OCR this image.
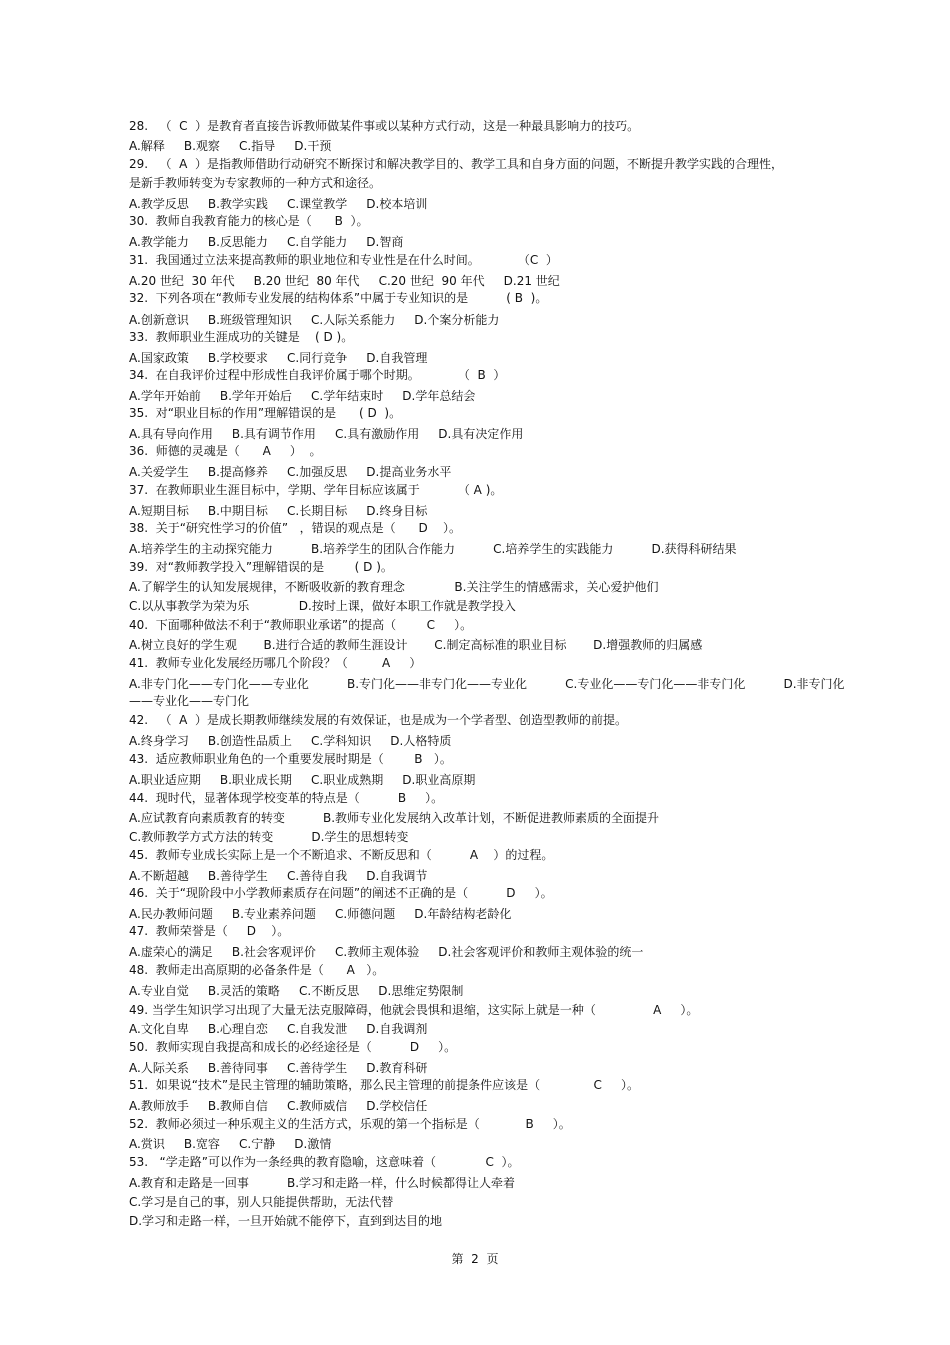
28.   （  C  ）是教育者直接告诉教师做某件事或以某种方式行动，这是一种最具影响力的技巧。
A.解释     B.观察     C.指导     D.干预
29.   （  A  ）是指教师借助行动研究不断探讨和解决教学目的、教学工具和自身方面的问题，不断提升教学实践的合理性，
是新手教师转变为专家教师的一种方式和途径。
A.教学反思     B.教学实践     C.课堂教学     D.校本培训
30.  教师自我教育能力的核心是（      B  ）。
A.教学能力     B.反思能力     C.自学能力     D.智商
31.  我国通过立法来提高教师的职业地位和专业性是在什么时间。          （C  ）
A.20 世纪  30 年代     B.20 世纪  80 年代     C.20 世纪  90 年代     D.21 世纪
32.  下列各项在“教师专业发展的结构体系”中属于专业知识的是          ( B  )。
A.创新意识     B.班级管理知识     C.人际关系能力     D.个案分析能力
33.  教师职业生涯成功的关键是    ( D )。
A.国家政策     B.学校要求     C.同行竞争     D.自我管理
34.  在自我评价过程中形成性自我评价属于哪个时期。          （  B  ）
A.学年开始前     B.学年开始后     C.学年结束时     D.学年总结会
35.  对“职业目标的作用”理解错误的是      ( D  )。
A.具有导向作用     B.具有调节作用     C.具有激励作用     D.具有决定作用
36.  师德的灵魂是（      A     ）  。
A.关爱学生     B.提高修养     C.加强反思     D.提高业务水平
37.  在教师职业生涯目标中，学期、学年目标应该属于          （ A )。
A.短期目标     B.中期目标     C.长期目标     D.终身目标
38.  关于“研究性学习的价值”   ，错误的观点是（      D    ）。
A.培养学生的主动探究能力          B.培养学生的团队合作能力          C.培养学生的实践能力          D.获得科研结果
39.  对“教师教学投入”理解错误的是        ( D )。
A.了解学生的认知发展规律，不断吸收新的教育理念             B.关注学生的情感需求，关心爱护他们
C.以从事教学为荣为乐             D.按时上课，做好本职工作就是教学投入
40.  下面哪种做法不利于“教师职业承诺”的提高（        C     ）。
A.树立良好的学生观       B.进行合适的教师生涯设计       C.制定高标准的职业目标       D.增强教师的归属感
41.  教师专业化发展经历哪几个阶段？（         A     ）
A.非专门化——专门化——专业化          B.专门化——非专门化——专业化          C.专业化——专门化——非专门化          D.非专门化
——专业化——专门化
42.   （  A  ）是成长期教师继续发展的有效保证，也是成为一个学者型、创造型教师的前提。
A.终身学习     B.创造性品质上     C.学科知识     D.人格特质
43.  适应教师职业角色的一个重要发展时期是（        B   ）。
A.职业适应期     B.职业成长期     C.职业成熟期     D.职业高原期
44.  现时代，显著体现学校变革的特点是（          B     ）。
A.应试教育向素质教育的转变          B.教师专业化发展纳入改革计划，不断促进教师素质的全面提升
C.教师教学方式方法的转变          D.学生的思想转变
45.  教师专业成长实际上是一个不断追求、不断反思和（          A    ）的过程。
A.不断超越     B.善待学生     C.善待自我     D.自我调节
46.  关于“现阶段中小学教师素质存在问题”的阐述不正确的是（          D     ）。
A.民办教师问题     B.专业素养问题     C.师德问题     D.年龄结构老龄化
47.  教师荣誉是（     D    ）。
A.虚荣心的满足     B.社会客观评价     C.教师主观体验     D.社会客观评价和教师主观体验的统一
48.  教师走出高原期的必备条件是（      A   ）。
A.专业自觉     B.灵活的策略     C.不断反思     D.思维定势限制
49. 当学生知识学习出现了大量无法克服障碍，他就会畏惧和退缩，这实际上就是一种（               A     ）。
A.文化自卑     B.心理自恋     C.自我发泄     D.自我调剂
50.  教师实现自我提高和成长的必经途径是（          D     ）。
A.人际关系     B.善待同事     C.善待学生     D.教育科研
51.  如果说“技术”是民主管理的辅助策略，那么民主管理的前提条件应该是（              C     ）。
A.教师放手     B.教师自信     C.教师威信     D.学校信任
52.  教师必须过一种乐观主义的生活方式，乐观的第一个指标是（            B     ）。
A.赏识     B.宽容     C.宁静     D.激情
53.   “学走路”可以作为一条经典的教育隐喻，这意味着（             C  ）。
A.教育和走路是一回事          B.学习和走路一样，什么时候都得让人牵着
C.学习是自己的事，别人只能提供帮助，无法代替
D.学习和走路一样，一旦开始就不能停下，直到到达目的地
第  2  页
